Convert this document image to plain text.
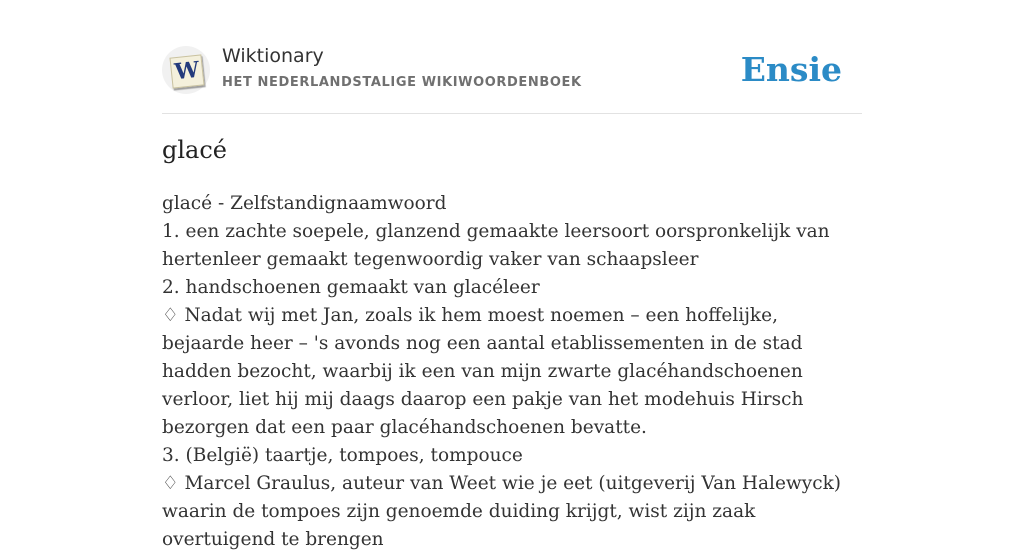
W
Wiktionary
HET NEDERLANDSTALIGE WIKIWOORDENBOEK	Ensie
glacé

glacé - Zelfstandignaamwoord

1. een zachte soepele, glanzend gemaakte leersoort oorspronkelijk van hertenleer gemaakt tegenwoordig vaker van schaapsleer

2. handschoenen gemaakt van glacéleer

♢ Nadat wij met Jan, zoals ik hem moest noemen – een hoffelijke, bejaarde heer – 's avonds nog een aantal etablissementen in de stad hadden bezocht, waarbij ik een van mijn zwarte glacéhandschoenen verloor, liet hij mij daags daarop een pakje van het modehuis Hirsch bezorgen dat een paar glacéhandschoenen bevatte.

3. (België) taartje, tompoes, tompouce

♢ Marcel Graulus, auteur van Weet wie je eet (uitgeverij Van Halewyck) waarin de tompoes zijn genoemde duiding krijgt, wist zijn zaak overtuigend te brengen
